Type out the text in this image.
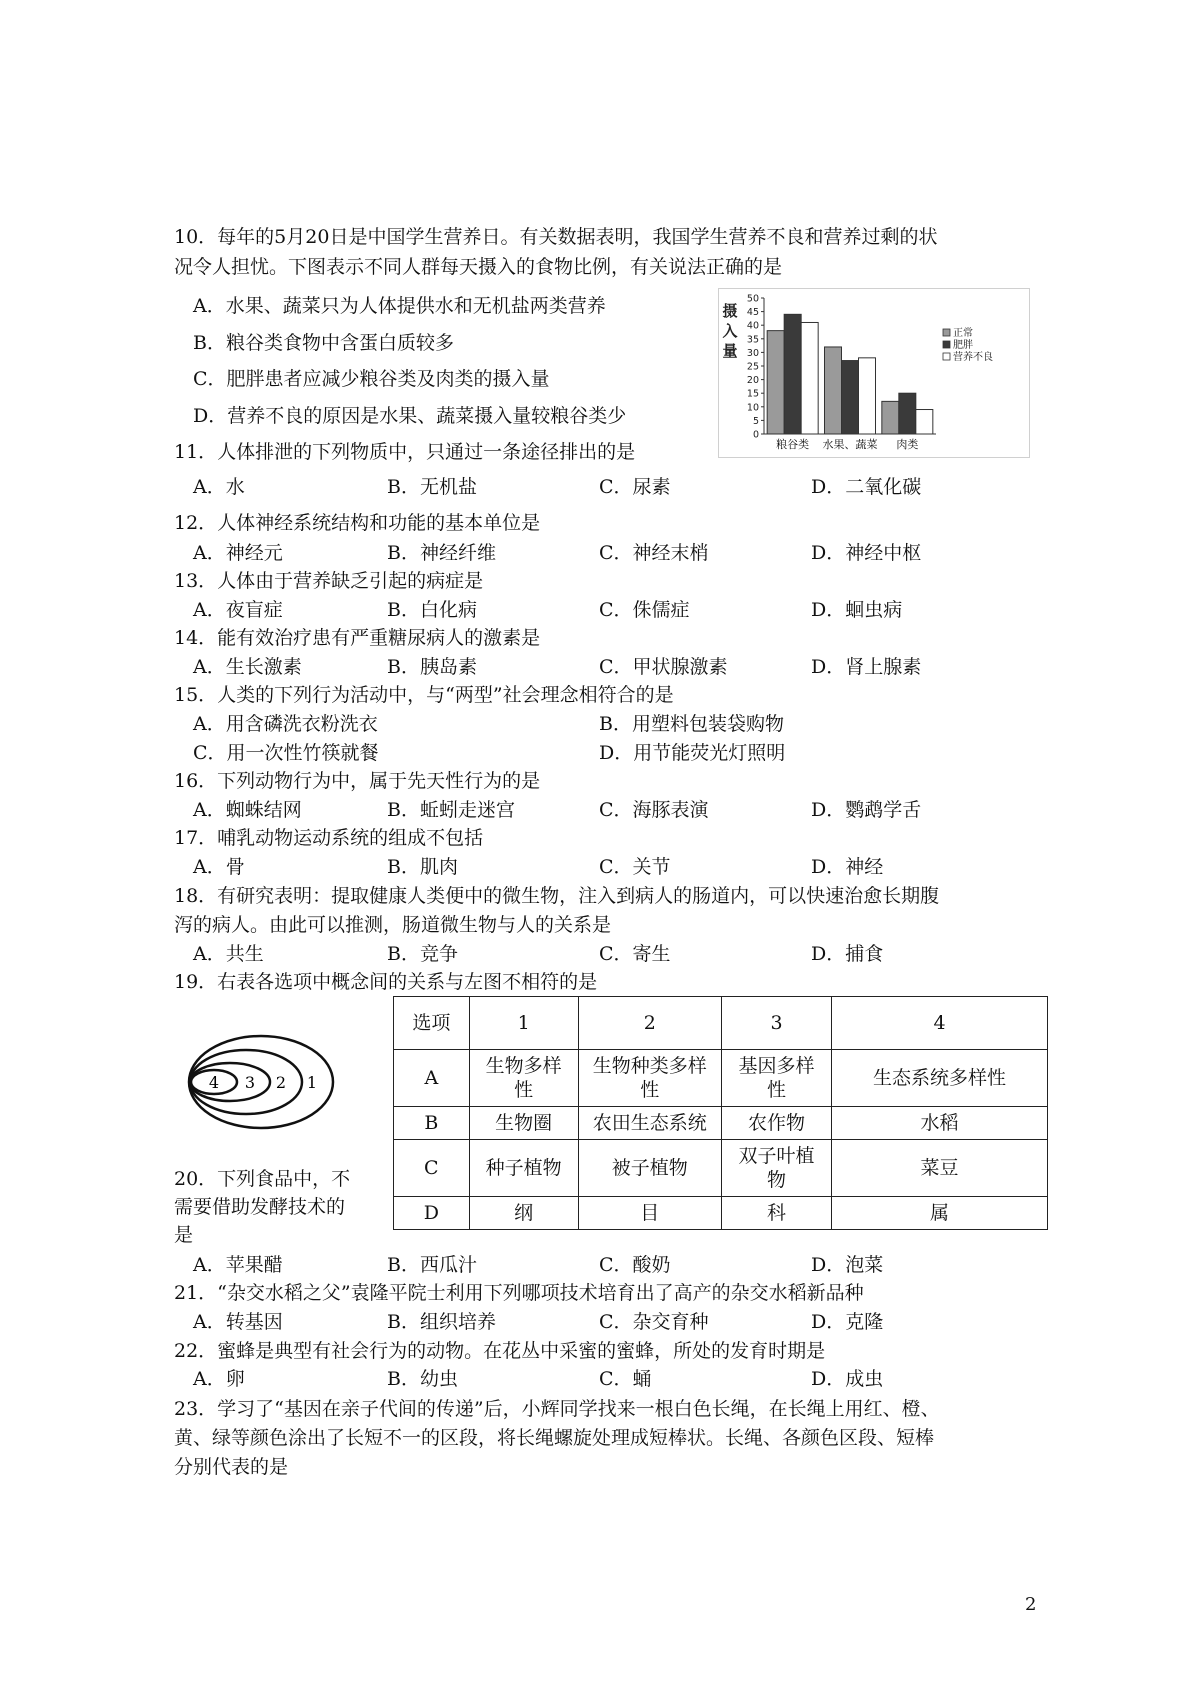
10．每年的5月20日是中国学生营养日。有关数据表明，我国学生营养不良和营养过剩的状
况令人担忧。下图表示不同人群每天摄入的食物比例，有关说法正确的是
A．水果、蔬菜只为人体提供水和无机盐两类营养
B．粮谷类食物中含蛋白质较多
C．肥胖患者应减少粮谷类及肉类的摄入量
D．营养不良的原因是水果、蔬菜摄入量较粮谷类少
0
5
10
15
20
25
30
35
40
45
50
摄
入
量
粮谷类 水果、蔬菜 肉类
正常
肥胖
营养不良
11．人体排泄的下列物质中，只通过一条途径排出的是
A．水	B．无机盐	C．尿素	D．二氧化碳
12．人体神经系统结构和功能的基本单位是
A．神经元	B．神经纤维	C．神经末梢	D．神经中枢
13．人体由于营养缺乏引起的病症是
A．夜盲症	B．白化病	C．侏儒症	D．蛔虫病
14．能有效治疗患有严重糖尿病人的激素是
A．生长激素	B．胰岛素	C．甲状腺激素	D．肾上腺素
15．人类的下列行为活动中，与“两型”社会理念相符合的是
A．用含磷洗衣粉洗衣	B．用塑料包装袋购物
C．用一次性竹筷就餐	D．用节能荧光灯照明
16．下列动物行为中，属于先天性行为的是
A．蜘蛛结网	B．蚯蚓走迷宫	C．海豚表演	D．鹦鹉学舌
17．哺乳动物运动系统的组成不包括
A．骨	B．肌肉	C．关节	D．神经
18．有研究表明：提取健康人类便中的微生物，注入到病人的肠道内，可以快速治愈长期腹
泻的病人。由此可以推测，肠道微生物与人的关系是
A．共生	B．竞争	C．寄生	D．捕食
19．右表各选项中概念间的关系与左图不相符的是
4 3 2 1
选项	1	2	3	4
A	生物多样性	生物种类多样性	基因多样性	生态系统多样性
B	生物圈	农田生态系统	农作物	水稻
C	种子植物	被子植物	双子叶植物	菜豆
D	纲	目	科	属
20．下列食品中，不
需要借助发酵技术的
是
A．苹果醋	B．西瓜汁	C．酸奶	D．泡菜
21．“杂交水稻之父”袁隆平院士利用下列哪项技术培育出了高产的杂交水稻新品种
A．转基因	B．组织培养	C．杂交育种	D．克隆
22．蜜蜂是典型有社会行为的动物。在花丛中采蜜的蜜蜂，所处的发育时期是
A．卵	B．幼虫	C．蛹	D．成虫
23．学习了“基因在亲子代间的传递”后，小辉同学找来一根白色长绳，在长绳上用红、橙、
黄、绿等颜色涂出了长短不一的区段，将长绳螺旋处理成短棒状。长绳、各颜色区段、短棒
分别代表的是
2
